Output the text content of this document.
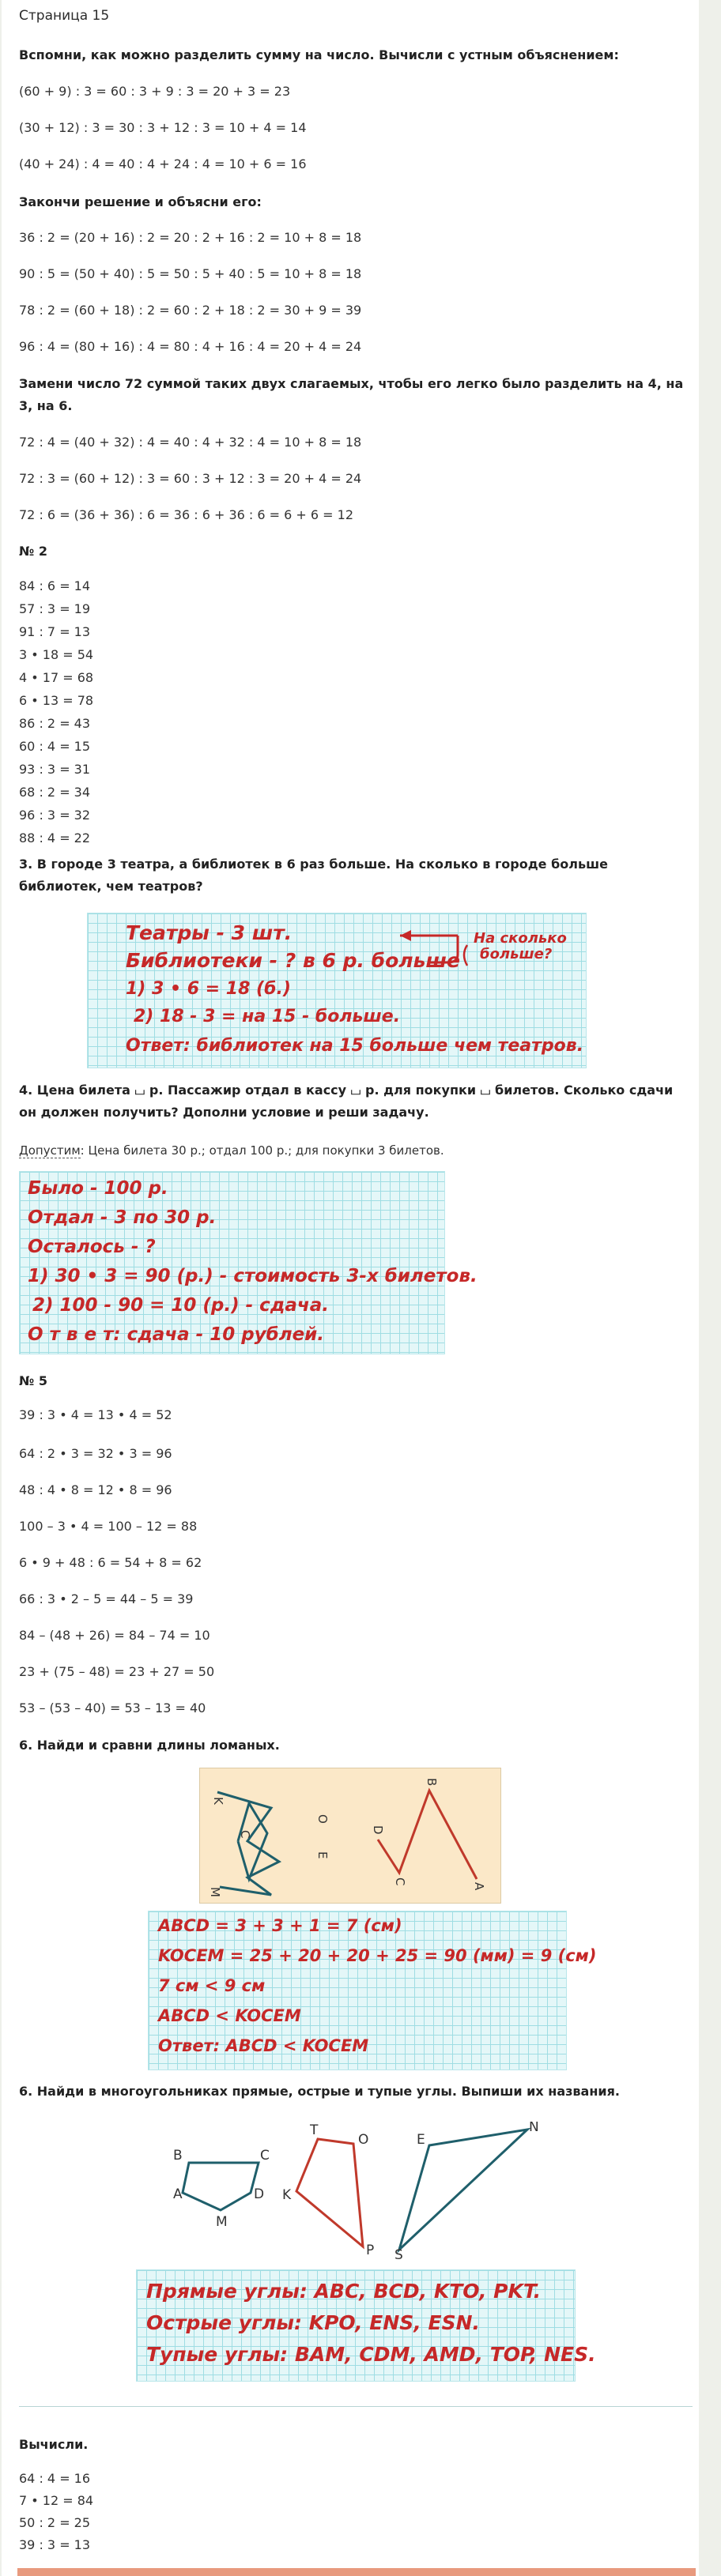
Страница 15
Вспомни, как можно разделить сумму на число. Вычисли с устным объяснением:
(60 + 9) : 3 = 60 : 3 + 9 : 3 = 20 + 3 = 23
(30 + 12) : 3 = 30 : 3 + 12 : 3 = 10 + 4 = 14
(40 + 24) : 4 = 40 : 4 + 24 : 4 = 10 + 6 = 16
Закончи решение и объясни его:
36 : 2 = (20 + 16) : 2 = 20 : 2 + 16 : 2 = 10 + 8 = 18
90 : 5 = (50 + 40) : 5 = 50 : 5 + 40 : 5 = 10 + 8 = 18
78 : 2 = (60 + 18) : 2 = 60 : 2 + 18 : 2 = 30 + 9 = 39
96 : 4 = (80 + 16) : 4 = 80 : 4 + 16 : 4 = 20 + 4 = 24
Замени число 72 суммой таких двух слагаемых, чтобы его легко было разделить на 4, на 3, на 6.
72 : 4 = (40 + 32) : 4 = 40 : 4 + 32 : 4 = 10 + 8 = 18
72 : 3 = (60 + 12) : 3 = 60 : 3 + 12 : 3 = 20 + 4 = 24
72 : 6 = (36 + 36) : 6 = 36 : 6 + 36 : 6 = 6 + 6 = 12
№ 2
84 : 6 = 14
57 : 3 = 19
91 : 7 = 13
3 • 18 = 54
4 • 17 = 68
6 • 13 = 78
86 : 2 = 43
60 : 4 = 15
93 : 3 = 31
68 : 2 = 34
96 : 3 = 32
88 : 4 = 22
3. В городе 3 театра, а библиотек в 6 раз больше. На сколько в городе больше библиотек, чем театров?
Театры - 3 шт.
Библиотеки - ? в 6 р. больше
1) 3 • 6 = 18 (б.)
2) 18 - 3 = на 15 - больше.
Ответ: библиотек на 15 больше чем театров.
На сколько
больше?
4. Цена билета ⌴ р. Пассажир отдал в кассу ⌴ р. для покупки ⌴ билетов. Сколько сдачи он должен получить? Дополни условие и реши задачу.
Допустим: Цена билета 30 р.; отдал 100 р.; для покупки 3 билетов.
Было - 100 р.
Отдал - 3 по 30 р.
Осталось - ?
1) 30 • 3 = 90 (р.) - стоимость 3-х билетов.
2) 100 - 90 = 10 (р.) - сдача.
О т в е т: сдача - 10 рублей.
№ 5
39 : 3 • 4 = 13 • 4 = 52
64 : 2 • 3 = 32 • 3 = 96
48 : 4 • 8 = 12 • 8 = 96
100 – 3 • 4 = 100 – 12 = 88
6 • 9 + 48 : 6 = 54 + 8 = 62
66 : 3 • 2 – 5 = 44 – 5 = 39
84 – (48 + 26) = 84 – 74 = 10
23 + (75 – 48) = 23 + 27 = 50
53 – (53 – 40) = 53 – 13 = 40
6. Найди и сравни длины ломаных.
K
C
O
E
M
B
D
C
A
ABCD = 3 + 3 + 1 = 7 (см)
KOCEM = 25 + 20 + 20 + 25 = 90 (мм) = 9 (см)
7 см < 9 см
ABCD < KOCEM
Ответ: ABCD < KOCEM
6. Найди в многоугольниках прямые, острые и тупые углы. Выпиши их названия.
B	C
A	D
M
T
O
K
P
E
N
S
Прямые углы: ABC, BCD, KTO, PKT.
Острые углы: KPO, ENS, ESN.
Тупые углы: BAM, CDM, AMD, TOP, NES.
Вычисли.
64 : 4 = 16
7 • 12 = 84
50 : 2 = 25
39 : 3 = 13
